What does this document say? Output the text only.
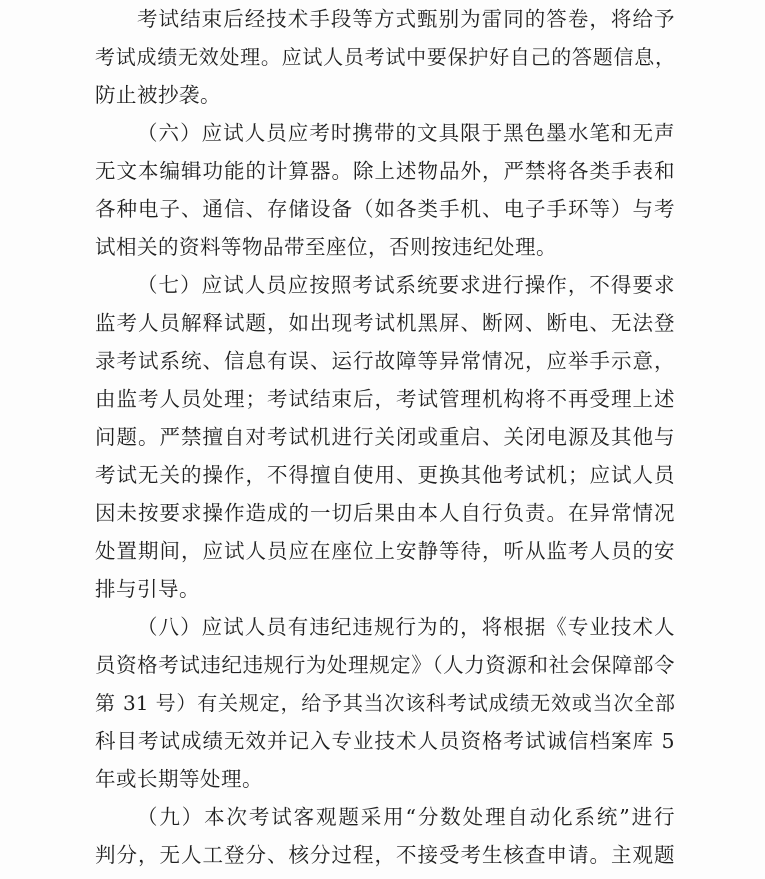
考试结束后经技术手段等方式甄别为雷同的答卷，将给予

考试成绩无效处理。应试人员考试中要保护好自己的答题信息，

防止被抄袭。

（六）应试人员应考时携带的文具限于黑色墨水笔和无声

无文本编辑功能的计算器。除上述物品外，严禁将各类手表和

各种电子、通信、存储设备（如各类手机、电子手环等）与考

试相关的资料等物品带至座位，否则按违纪处理。

（七）应试人员应按照考试系统要求进行操作，不得要求

监考人员解释试题，如出现考试机黑屏、断网、断电、无法登

录考试系统、信息有误、运行故障等异常情况，应举手示意，

由监考人员处理；考试结束后，考试管理机构将不再受理上述

问题。严禁擅自对考试机进行关闭或重启、关闭电源及其他与

考试无关的操作，不得擅自使用、更换其他考试机；应试人员

因未按要求操作造成的一切后果由本人自行负责。在异常情况

处置期间，应试人员应在座位上安静等待，听从监考人员的安

排与引导。

（八）应试人员有违纪违规行为的，将根据《专业技术人

员资格考试违纪违规行为处理规定》（人力资源和社会保障部令

第 31 号）有关规定，给予其当次该科考试成绩无效或当次全部

科目考试成绩无效并记入专业技术人员资格考试诚信档案库 5

年或长期等处理。

（九）本次考试客观题采用“分数处理自动化系统”进行

判分，无人工登分、核分过程，不接受考生核查申请。主观题
